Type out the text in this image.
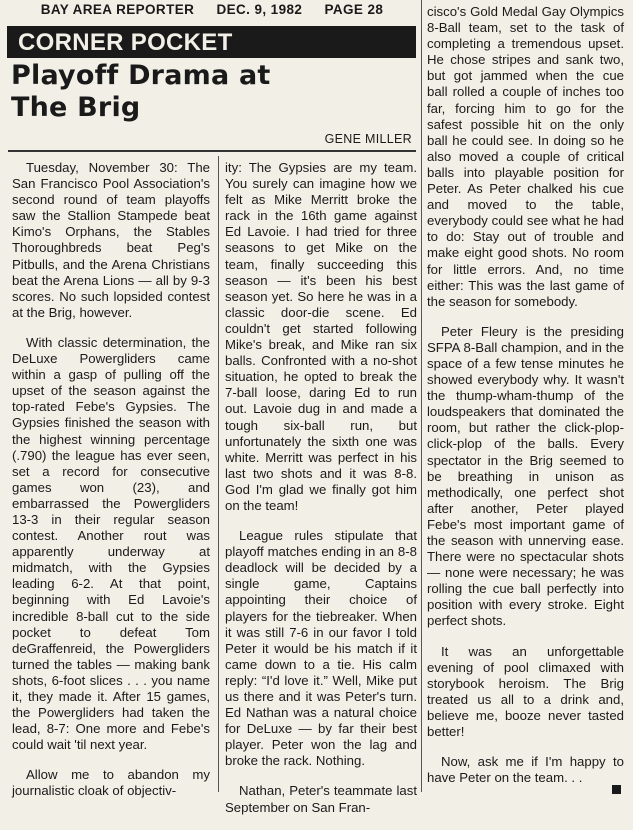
BAY AREA REPORTER DEC. 9, 1982 PAGE 28
CORNER POCKET
Playoff Drama at The Brig
GENE MILLER

Tuesday, November 30: The San Francisco Pool Association's second round of team playoffs saw the Stallion Stampede beat Kimo's Orphans, the Stables Thoroughbreds beat Peg's Pitbulls, and the Arena Christians beat the Arena Lions — all by 9-3 scores. No such lopsided contest at the Brig, however.

With classic determination, the DeLuxe Powergliders came within a gasp of pulling off the upset of the season against the top-rated Febe's Gypsies. The Gypsies finished the season with the highest winning percentage (.790) the league has ever seen, set a record for consecutive games won (23), and embarrassed the Powergliders 13-3 in their regular season contest. Another rout was apparently underway at midmatch, with the Gypsies leading 6-2. At that point, beginning with Ed Lavoie's incredible 8-ball cut to the side pocket to defeat Tom deGraffenreid, the Powergliders turned the tables — making bank shots, 6-foot slices . . . you name it, they made it. After 15 games, the Powergliders had taken the lead, 8-7: One more and Febe's could wait 'til next year.

Allow me to abandon my journalistic cloak of objectiv-

ity: The Gypsies are my team. You surely can imagine how we felt as Mike Merritt broke the rack in the 16th game against Ed Lavoie. I had tried for three seasons to get Mike on the team, finally succeeding this season — it's been his best season yet. So here he was in a classic door-die scene. Ed couldn't get started following Mike's break, and Mike ran six balls. Confronted with a no-shot situation, he opted to break the 7-ball loose, daring Ed to run out. Lavoie dug in and made a tough six-ball run, but unfortunately the sixth one was white. Merritt was perfect in his last two shots and it was 8-8. God I'm glad we finally got him on the team!

League rules stipulate that playoff matches ending in an 8-8 deadlock will be decided by a single game, Captains appointing their choice of players for the tiebreaker. When it was still 7-6 in our favor I told Peter it would be his match if it came down to a tie. His calm reply: “I'd love it.” Well, Mike put us there and it was Peter's turn. Ed Nathan was a natural choice for DeLuxe — by far their best player. Peter won the lag and broke the rack. Nothing.

Nathan, Peter's teammate last September on San Fran-

cisco's Gold Medal Gay Olympics 8-Ball team, set to the task of completing a tremendous upset. He chose stripes and sank two, but got jammed when the cue ball rolled a couple of inches too far, forcing him to go for the safest possible hit on the only ball he could see. In doing so he also moved a couple of critical balls into playable position for Peter. As Peter chalked his cue and moved to the table, everybody could see what he had to do: Stay out of trouble and make eight good shots. No room for little errors. And, no time either: This was the last game of the season for somebody.

Peter Fleury is the presiding SFPA 8-Ball champion, and in the space of a few tense minutes he showed everybody why. It wasn't the thump-wham-thump of the loudspeakers that dominated the room, but rather the click-plop-click-plop of the balls. Every spectator in the Brig seemed to be breathing in unison as methodically, one perfect shot after another, Peter played Febe's most important game of the season with unnerving ease. There were no spectacular shots — none were necessary; he was rolling the cue ball perfectly into position with every stroke. Eight perfect shots.

It was an unforgettable evening of pool climaxed with storybook heroism. The Brig treated us all to a drink and, believe me, booze never tasted better!

Now, ask me if I'm happy to have Peter on the team. . .
